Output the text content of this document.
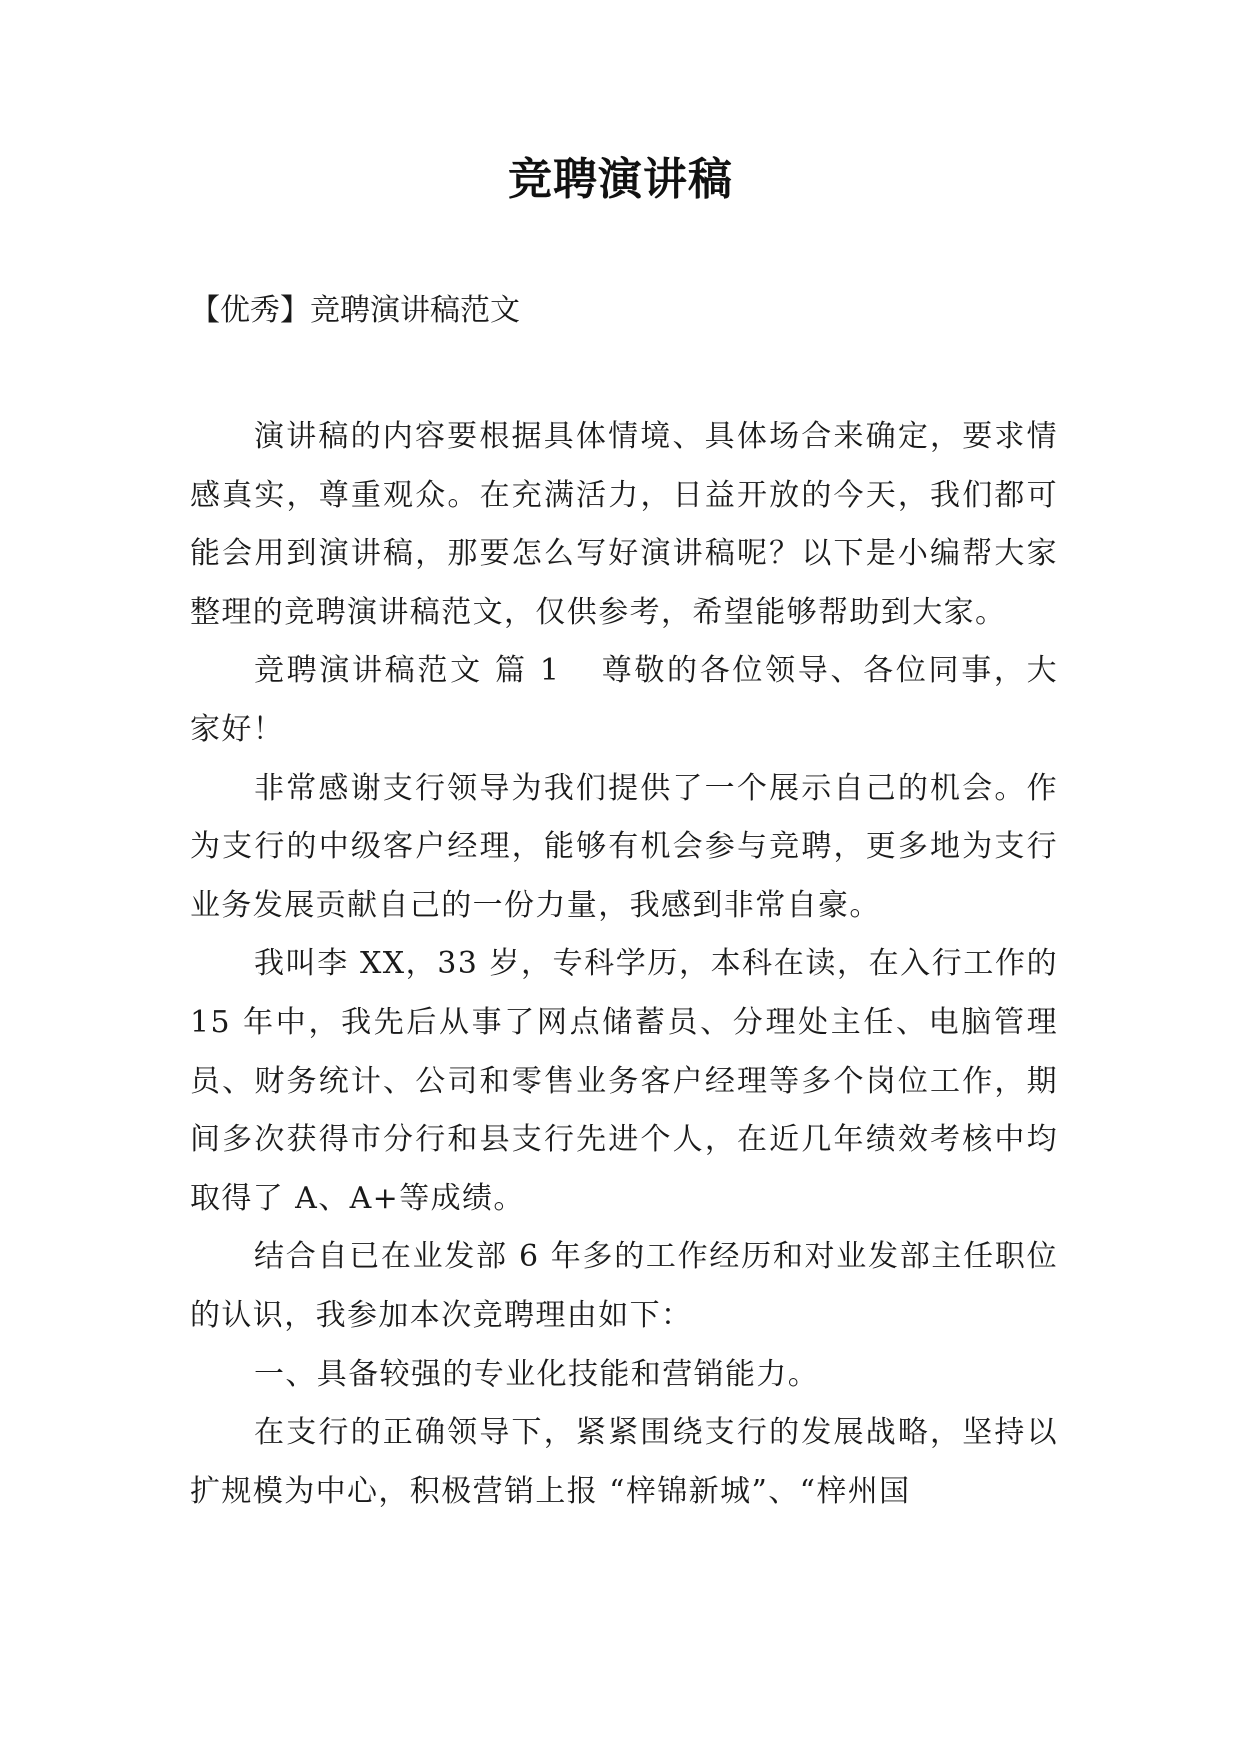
竞聘演讲稿
【优秀】竞聘演讲稿范文

演讲稿的内容要根据具体情境、具体场合来确定，要求情感真实，尊重观众。在充满活力，日益开放的今天，我们都可能会用到演讲稿，那要怎么写好演讲稿呢？以下是小编帮大家整理的竞聘演讲稿范文，仅供参考，希望能够帮助到大家。

竞聘演讲稿范文 篇 1 尊敬的各位领导、各位同事，大家好！

非常感谢支行领导为我们提供了一个展示自己的机会。作为支行的中级客户经理，能够有机会参与竞聘，更多地为支行业务发展贡献自己的一份力量，我感到非常自豪。

我叫李 XX，33 岁，专科学历，本科在读，在入行工作的 15 年中，我先后从事了网点储蓄员、分理处主任、电脑管理员、财务统计、公司和零售业务客户经理等多个岗位工作，期间多次获得市分行和县支行先进个人，在近几年绩效考核中均取得了 A、A+等成绩。

结合自已在业发部 6 年多的工作经历和对业发部主任职位的认识，我参加本次竞聘理由如下：

一、具备较强的专业化技能和营销能力。

在支行的正确领导下，紧紧围绕支行的发展战略，坚持以扩规模为中心，积极营销上报 “梓锦新城”、“梓州国
